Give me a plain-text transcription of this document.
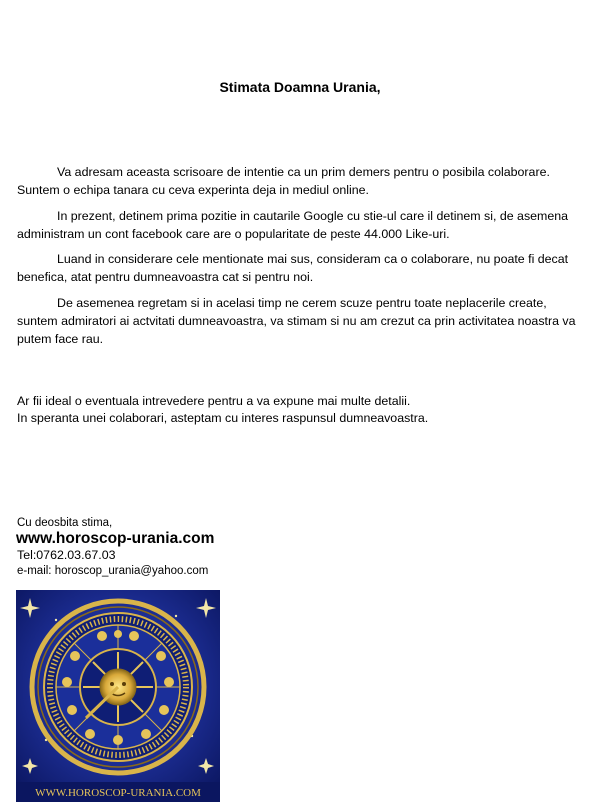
Stimata Doamna Urania,

Va adresam aceasta scrisoare de intentie ca un prim demers pentru o posibila colaborare. Suntem o echipa tanara cu ceva experinta deja in mediul online.

In prezent, detinem prima pozitie in cautarile Google cu stie-ul care il detinem si, de asemena administram un cont facebook care are o popularitate de peste 44.000 Like-uri.

Luand in considerare cele mentionate mai sus, consideram ca o colaborare, nu poate fi decat benefica, atat pentru dumneavoastra cat si pentru noi.

De asemenea regretam si in acelasi timp ne cerem scuze pentru toate neplacerile create, suntem admiratori ai actvitati dumneavoastra, va stimam si nu am crezut ca prin activitatea noastra va putem face rau.

Ar fii ideal o eventuala intrevedere pentru a va expune mai multe detalii.

In speranta unei colaborari, asteptam cu interes raspunsul dumneavoastra.

Cu deosbita stima,
www.horoscop-urania.com
Tel:0762.03.67.03
e-mail: horoscop_urania@yahoo.com
WWW.HOROSCOP-URANIA.COM
